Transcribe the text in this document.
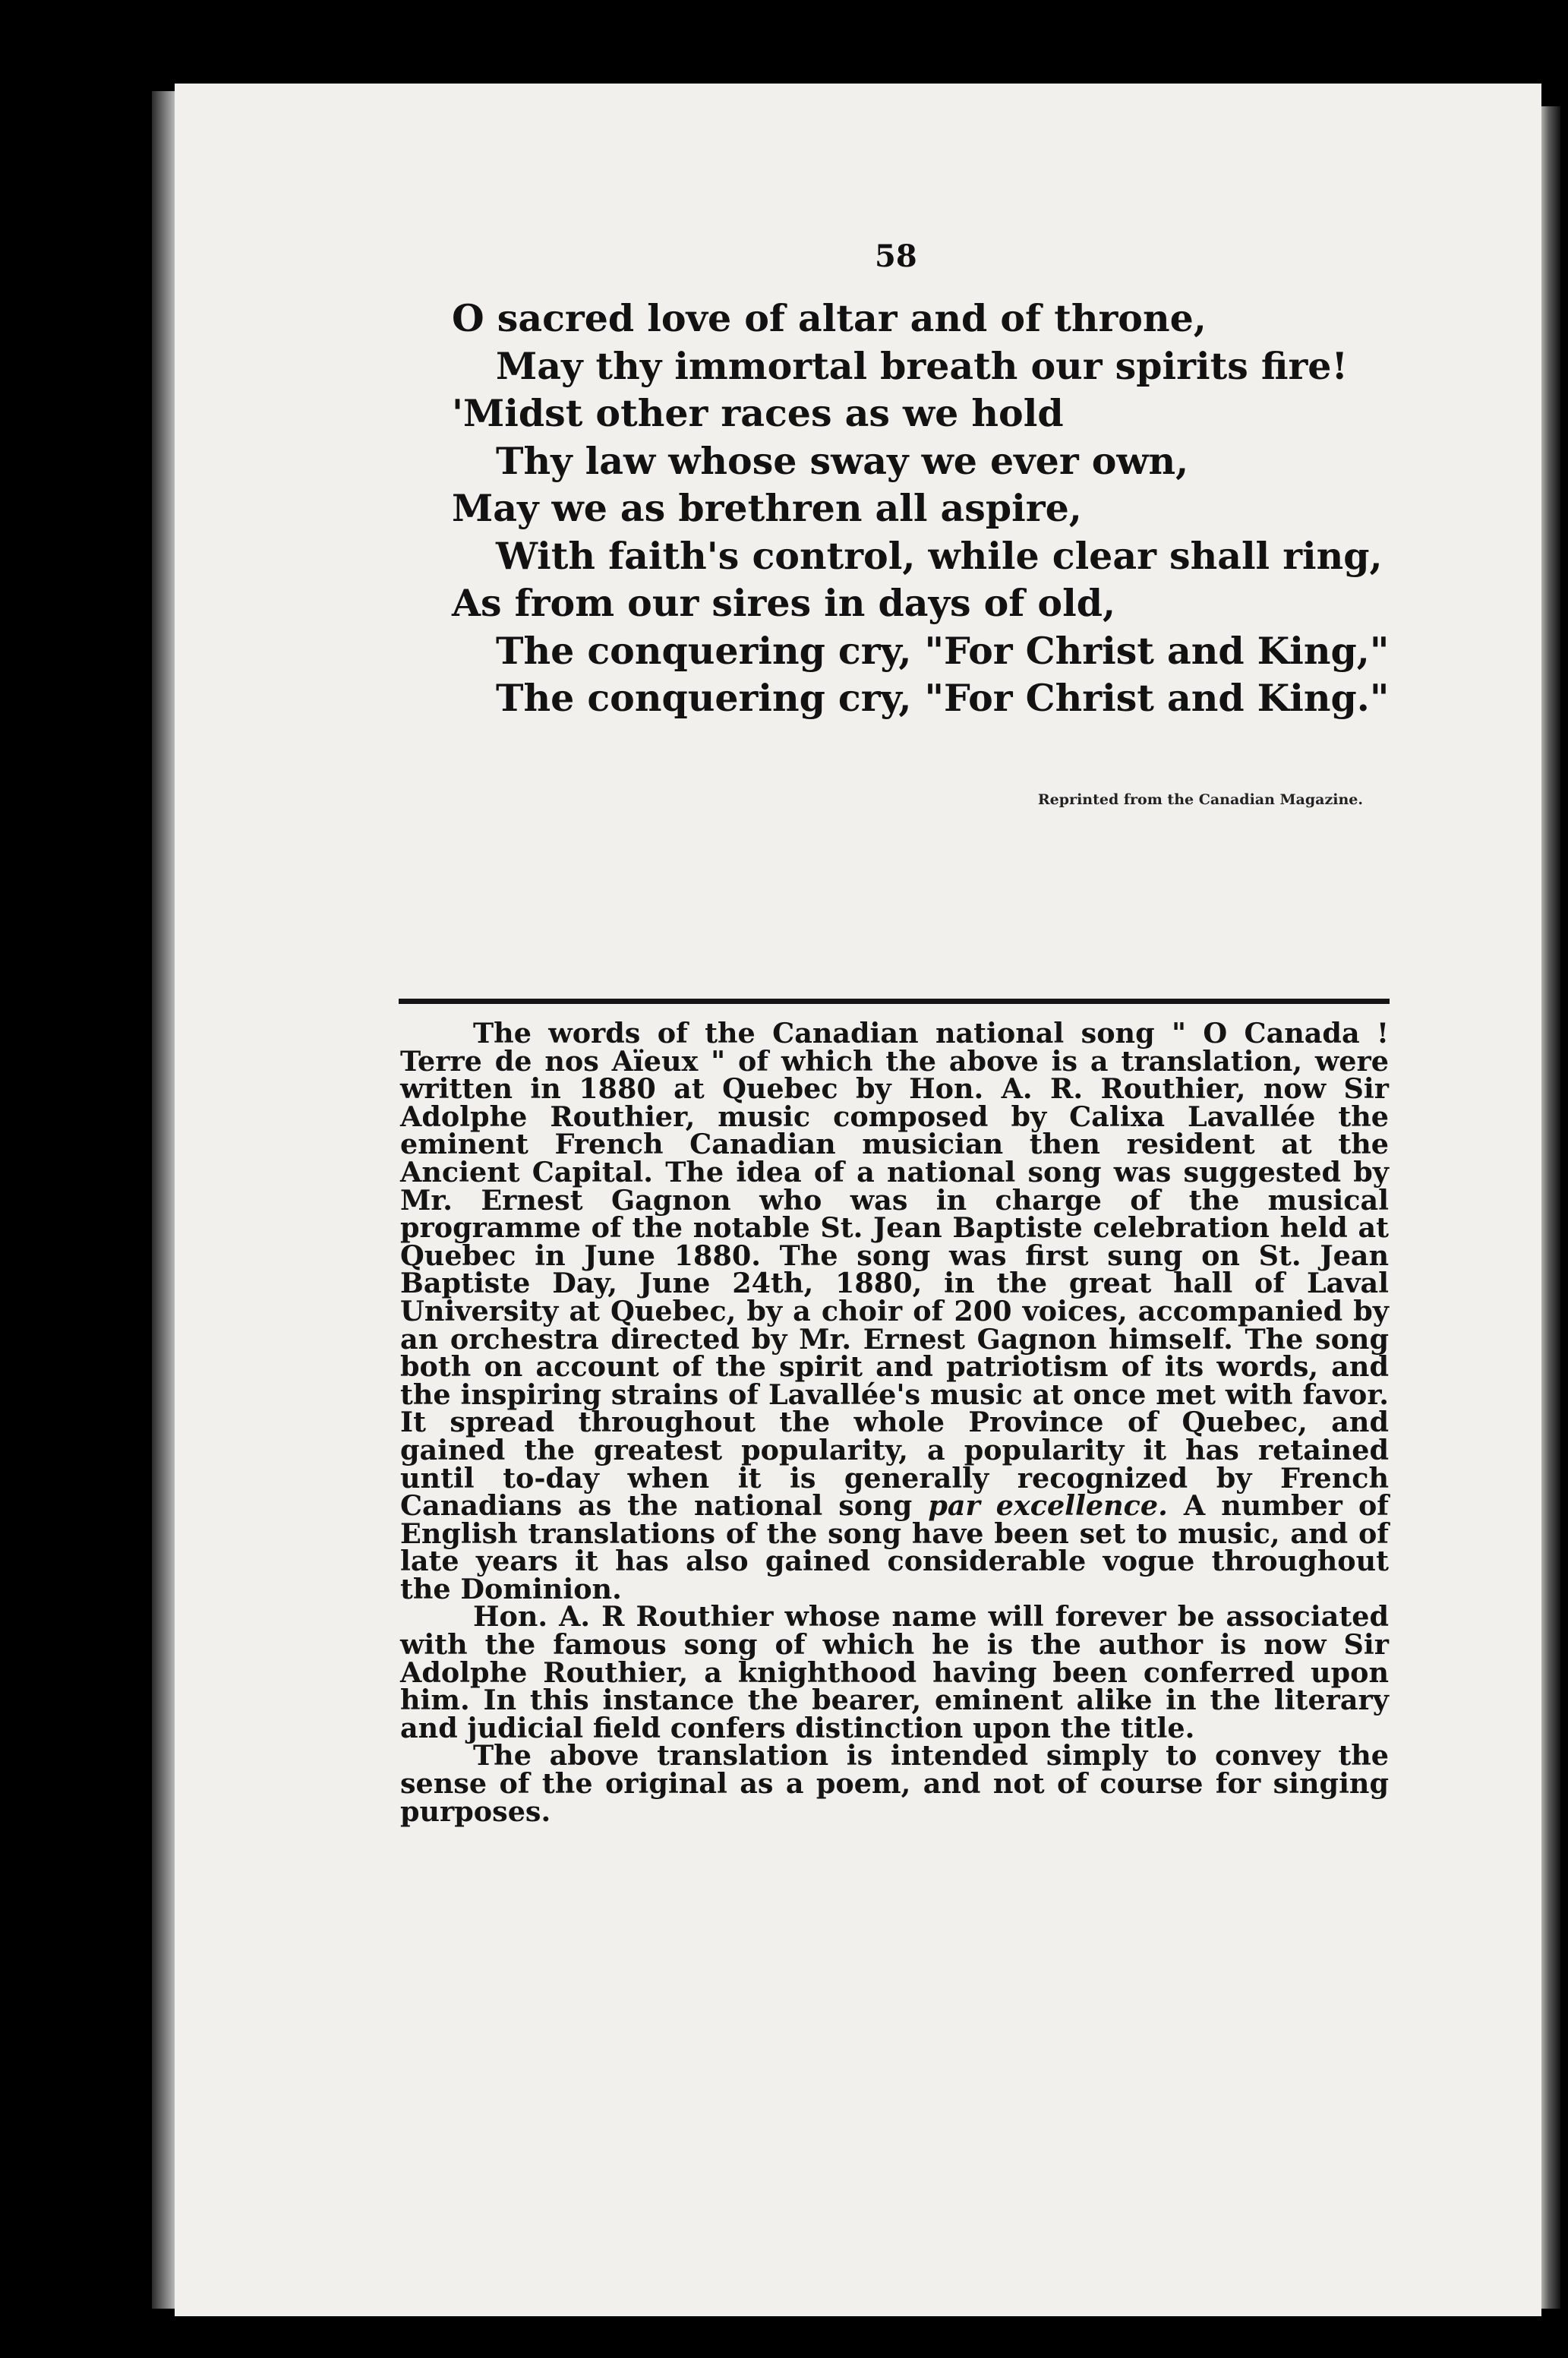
58

O sacred love of altar and of throne,
May thy immortal breath our spirits fire!
'Midst other races as we hold
Thy law whose sway we ever own,
May we as brethren all aspire,
With faith's control, while clear shall ring,
As from our sires in days of old,
The conquering cry, "For Christ and King,"
The conquering cry, "For Christ and King."

Reprinted from the Canadian Magazine.

The words of the Canadian national song " O Canada ! Terre de nos Aïeux " of which the above is a translation, were written in 1880 at Quebec by Hon. A. R. Routhier, now Sir Adolphe Routhier, music composed by Calixa Lavallée the eminent French Canadian musician then resident at the Ancient Capital. The idea of a national song was suggested by Mr. Ernest Gagnon who was in charge of the musical programme of the notable St. Jean Baptiste celebration held at Quebec in June 1880. The song was first sung on St. Jean Baptiste Day, June 24th, 1880, in the great hall of Laval University at Quebec, by a choir of 200 voices, accompanied by an orchestra directed by Mr. Ernest Gagnon himself. The song both on account of the spirit and patriotism of its words, and the inspiring strains of Lavallée's music at once met with favor. It spread throughout the whole Province of Quebec, and gained the greatest popularity, a popularity it has retained until to-day when it is generally recognized by French Canadians as the national song par excellence. A number of English translations of the song have been set to music, and of late years it has also gained considerable vogue throughout the Dominion.

Hon. A. R Routhier whose name will forever be associated with the famous song of which he is the author is now Sir Adolphe Routhier, a knighthood having been conferred upon him. In this instance the bearer, eminent alike in the literary and judicial field confers distinction upon the title.

The above translation is intended simply to convey the sense of the original as a poem, and not of course for singing purposes.
